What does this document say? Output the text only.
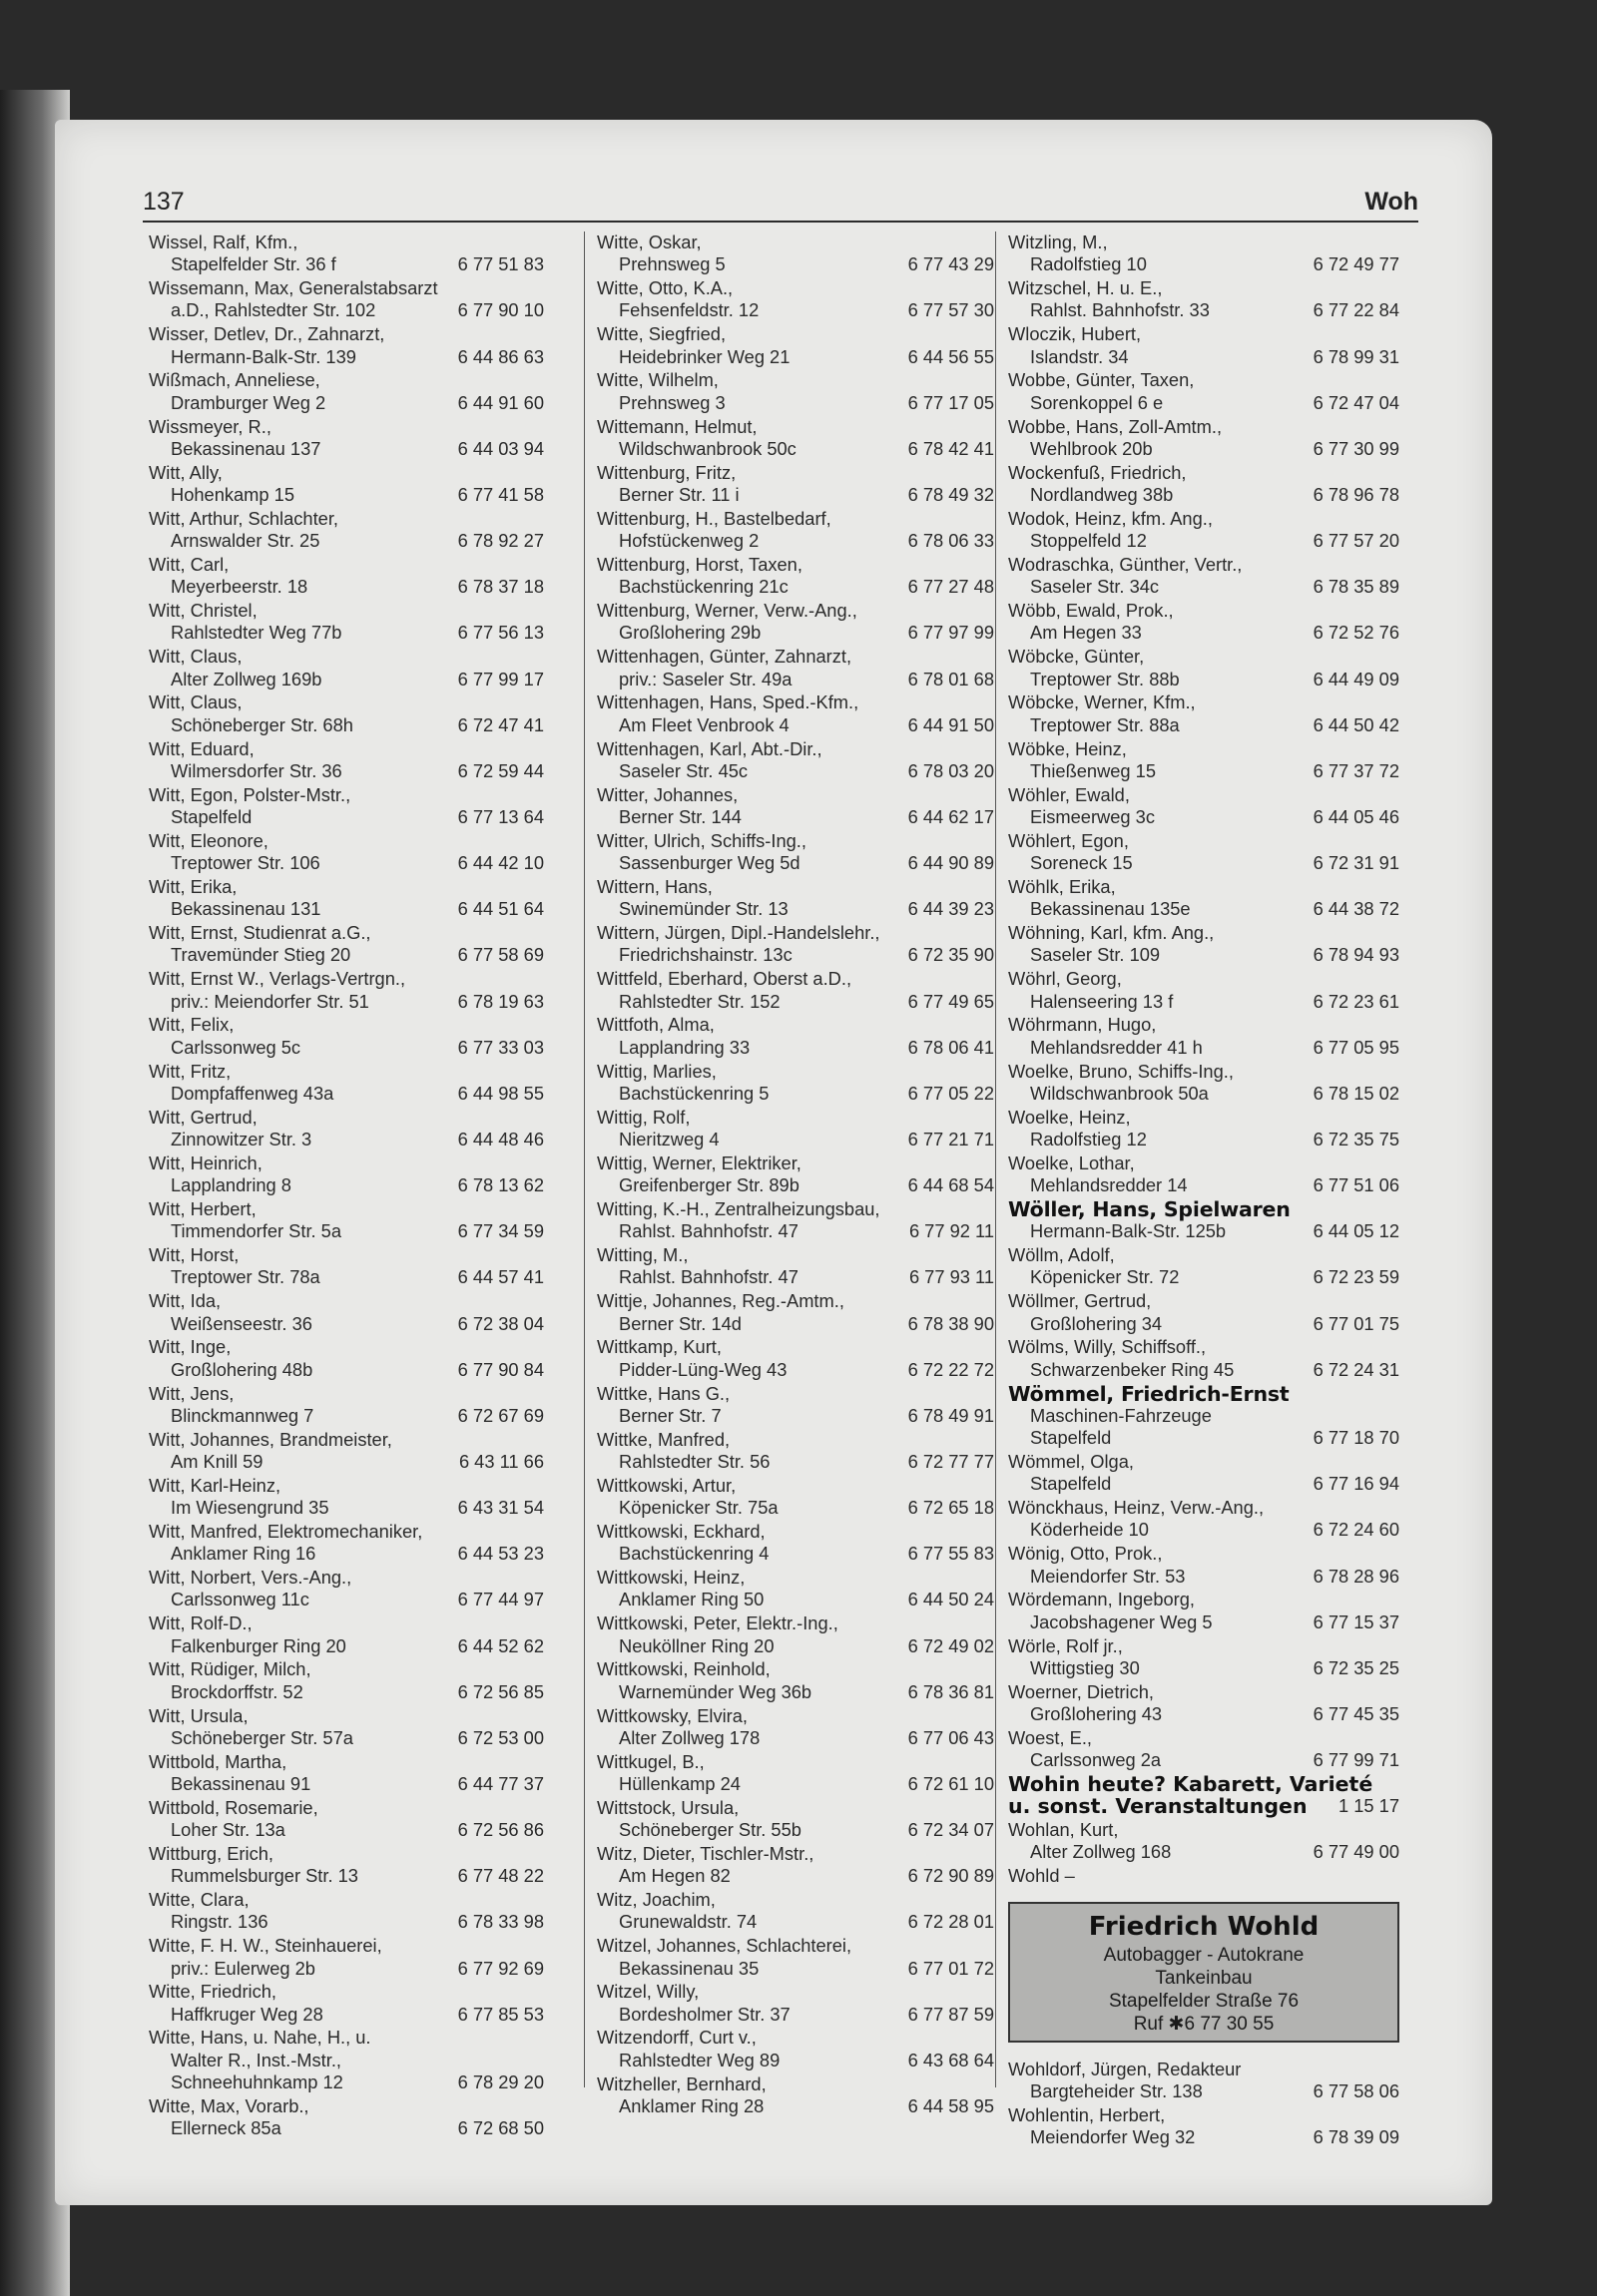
137	Woh
Wissel, Ralf, Kfm.,
Stapelfelder Str. 36 f	6 77 51 83
Wissemann, Max, Generalstabsarzt
a.D., Rahlstedter Str. 102	6 77 90 10
Wisser, Detlev, Dr., Zahnarzt,
Hermann-Balk-Str. 139	6 44 86 63
Wißmach, Anneliese,
Dramburger Weg 2	6 44 91 60
Wissmeyer, R.,
Bekassinenau 137	6 44 03 94
Witt, Ally,
Hohenkamp 15	6 77 41 58
Witt, Arthur, Schlachter,
Arnswalder Str. 25	6 78 92 27
Witt, Carl,
Meyerbeerstr. 18	6 78 37 18
Witt, Christel,
Rahlstedter Weg 77b	6 77 56 13
Witt, Claus,
Alter Zollweg 169b	6 77 99 17
Witt, Claus,
Schöneberger Str. 68h	6 72 47 41
Witt, Eduard,
Wilmersdorfer Str. 36	6 72 59 44
Witt, Egon, Polster-Mstr.,
Stapelfeld	6 77 13 64
Witt, Eleonore,
Treptower Str. 106	6 44 42 10
Witt, Erika,
Bekassinenau 131	6 44 51 64
Witt, Ernst, Studienrat a.G.,
Travemünder Stieg 20	6 77 58 69
Witt, Ernst W., Verlags-Vertrgn.,
priv.: Meiendorfer Str. 51	6 78 19 63
Witt, Felix,
Carlssonweg 5c	6 77 33 03
Witt, Fritz,
Dompfaffenweg 43a	6 44 98 55
Witt, Gertrud,
Zinnowitzer Str. 3	6 44 48 46
Witt, Heinrich,
Lapplandring 8	6 78 13 62
Witt, Herbert,
Timmendorfer Str. 5a	6 77 34 59
Witt, Horst,
Treptower Str. 78a	6 44 57 41
Witt, Ida,
Weißenseestr. 36	6 72 38 04
Witt, Inge,
Großlohering 48b	6 77 90 84
Witt, Jens,
Blinckmannweg 7	6 72 67 69
Witt, Johannes, Brandmeister,
Am Knill 59	6 43 11 66
Witt, Karl-Heinz,
Im Wiesengrund 35	6 43 31 54
Witt, Manfred, Elektromechaniker,
Anklamer Ring 16	6 44 53 23
Witt, Norbert, Vers.-Ang.,
Carlssonweg 11c	6 77 44 97
Witt, Rolf-D.,
Falkenburger Ring 20	6 44 52 62
Witt, Rüdiger, Milch,
Brockdorffstr. 52	6 72 56 85
Witt, Ursula,
Schöneberger Str. 57a	6 72 53 00
Wittbold, Martha,
Bekassinenau 91	6 44 77 37
Wittbold, Rosemarie,
Loher Str. 13a	6 72 56 86
Wittburg, Erich,
Rummelsburger Str. 13	6 77 48 22
Witte, Clara,
Ringstr. 136	6 78 33 98
Witte, F. H. W., Steinhauerei,
priv.: Eulerweg 2b	6 77 92 69
Witte, Friedrich,
Haffkruger Weg 28	6 77 85 53
Witte, Hans, u. Nahe, H., u.
Walter R., Inst.-Mstr.,
Schneehuhnkamp 12	6 78 29 20
Witte, Max, Vorarb.,
Ellerneck 85a	6 72 68 50
Witte, Oskar,
Prehnsweg 5	6 77 43 29
Witte, Otto, K.A.,
Fehsenfeldstr. 12	6 77 57 30
Witte, Siegfried,
Heidebrinker Weg 21	6 44 56 55
Witte, Wilhelm,
Prehnsweg 3	6 77 17 05
Wittemann, Helmut,
Wildschwanbrook 50c	6 78 42 41
Wittenburg, Fritz,
Berner Str. 11 i	6 78 49 32
Wittenburg, H., Bastelbedarf,
Hofstückenweg 2	6 78 06 33
Wittenburg, Horst, Taxen,
Bachstückenring 21c	6 77 27 48
Wittenburg, Werner, Verw.-Ang.,
Großlohering 29b	6 77 97 99
Wittenhagen, Günter, Zahnarzt,
priv.: Saseler Str. 49a	6 78 01 68
Wittenhagen, Hans, Sped.-Kfm.,
Am Fleet Venbrook 4	6 44 91 50
Wittenhagen, Karl, Abt.-Dir.,
Saseler Str. 45c	6 78 03 20
Witter, Johannes,
Berner Str. 144	6 44 62 17
Witter, Ulrich, Schiffs-Ing.,
Sassenburger Weg 5d	6 44 90 89
Wittern, Hans,
Swinemünder Str. 13	6 44 39 23
Wittern, Jürgen, Dipl.-Handelslehr.,
Friedrichshainstr. 13c	6 72 35 90
Wittfeld, Eberhard, Oberst a.D.,
Rahlstedter Str. 152	6 77 49 65
Wittfoth, Alma,
Lapplandring 33	6 78 06 41
Wittig, Marlies,
Bachstückenring 5	6 77 05 22
Wittig, Rolf,
Nieritzweg 4	6 77 21 71
Wittig, Werner, Elektriker,
Greifenberger Str. 89b	6 44 68 54
Witting, K.-H., Zentralheizungsbau,
Rahlst. Bahnhofstr. 47	6 77 92 11
Witting, M.,
Rahlst. Bahnhofstr. 47	6 77 93 11
Wittje, Johannes, Reg.-Amtm.,
Berner Str. 14d	6 78 38 90
Wittkamp, Kurt,
Pidder-Lüng-Weg 43	6 72 22 72
Wittke, Hans G.,
Berner Str. 7	6 78 49 91
Wittke, Manfred,
Rahlstedter Str. 56	6 72 77 77
Wittkowski, Artur,
Köpenicker Str. 75a	6 72 65 18
Wittkowski, Eckhard,
Bachstückenring 4	6 77 55 83
Wittkowski, Heinz,
Anklamer Ring 50	6 44 50 24
Wittkowski, Peter, Elektr.-Ing.,
Neuköllner Ring 20	6 72 49 02
Wittkowski, Reinhold,
Warnemünder Weg 36b	6 78 36 81
Wittkowsky, Elvira,
Alter Zollweg 178	6 77 06 43
Wittkugel, B.,
Hüllenkamp 24	6 72 61 10
Wittstock, Ursula,
Schöneberger Str. 55b	6 72 34 07
Witz, Dieter, Tischler-Mstr.,
Am Hegen 82	6 72 90 89
Witz, Joachim,
Grunewaldstr. 74	6 72 28 01
Witzel, Johannes, Schlachterei,
Bekassinenau 35	6 77 01 72
Witzel, Willy,
Bordesholmer Str. 37	6 77 87 59
Witzendorff, Curt v.,
Rahlstedter Weg 89	6 43 68 64
Witzheller, Bernhard,
Anklamer Ring 28	6 44 58 95
Witzling, M.,
Radolfstieg 10	6 72 49 77
Witzschel, H. u. E.,
Rahlst. Bahnhofstr. 33	6 77 22 84
Wloczik, Hubert,
Islandstr. 34	6 78 99 31
Wobbe, Günter, Taxen,
Sorenkoppel 6 e	6 72 47 04
Wobbe, Hans, Zoll-Amtm.,
Wehlbrook 20b	6 77 30 99
Wockenfuß, Friedrich,
Nordlandweg 38b	6 78 96 78
Wodok, Heinz, kfm. Ang.,
Stoppelfeld 12	6 77 57 20
Wodraschka, Günther, Vertr.,
Saseler Str. 34c	6 78 35 89
Wöbb, Ewald, Prok.,
Am Hegen 33	6 72 52 76
Wöbcke, Günter,
Treptower Str. 88b	6 44 49 09
Wöbcke, Werner, Kfm.,
Treptower Str. 88a	6 44 50 42
Wöbke, Heinz,
Thießenweg 15	6 77 37 72
Wöhler, Ewald,
Eismeerweg 3c	6 44 05 46
Wöhlert, Egon,
Soreneck 15	6 72 31 91
Wöhlk, Erika,
Bekassinenau 135e	6 44 38 72
Wöhning, Karl, kfm. Ang.,
Saseler Str. 109	6 78 94 93
Wöhrl, Georg,
Halenseering 13 f	6 72 23 61
Wöhrmann, Hugo,
Mehlandsredder 41 h	6 77 05 95
Woelke, Bruno, Schiffs-Ing.,
Wildschwanbrook 50a	6 78 15 02
Woelke, Heinz,
Radolfstieg 12	6 72 35 75
Woelke, Lothar,
Mehlandsredder 14	6 77 51 06
Wöller, Hans, Spielwaren
Hermann-Balk-Str. 125b	6 44 05 12
Wöllm, Adolf,
Köpenicker Str. 72	6 72 23 59
Wöllmer, Gertrud,
Großlohering 34	6 77 01 75
Wölms, Willy, Schiffsoff.,
Schwarzenbeker Ring 45	6 72 24 31
Wömmel, Friedrich-Ernst
Maschinen-Fahrzeuge
Stapelfeld	6 77 18 70
Wömmel, Olga,
Stapelfeld	6 77 16 94
Wönckhaus, Heinz, Verw.-Ang.,
Köderheide 10	6 72 24 60
Wönig, Otto, Prok.,
Meiendorfer Str. 53	6 78 28 96
Wördemann, Ingeborg,
Jacobshagener Weg 5	6 77 15 37
Wörle, Rolf jr.,
Wittigstieg 30	6 72 35 25
Woerner, Dietrich,
Großlohering 43	6 77 45 35
Woest, E.,
Carlssonweg 2a	6 77 99 71
Wohin heute? Kabarett, Varieté
u. sonst. Veranstaltungen	1 15 17
Wohlan, Kurt,
Alter Zollweg 168	6 77 49 00
Wohld –
Friedrich Wohld
Autobagger - Autokrane
Tankeinbau
Stapelfelder Straße 76
Ruf ✱6 77 30 55
Wohldorf, Jürgen, Redakteur
Bargteheider Str. 138	6 77 58 06
Wohlentin, Herbert,
Meiendorfer Weg 32	6 78 39 09
